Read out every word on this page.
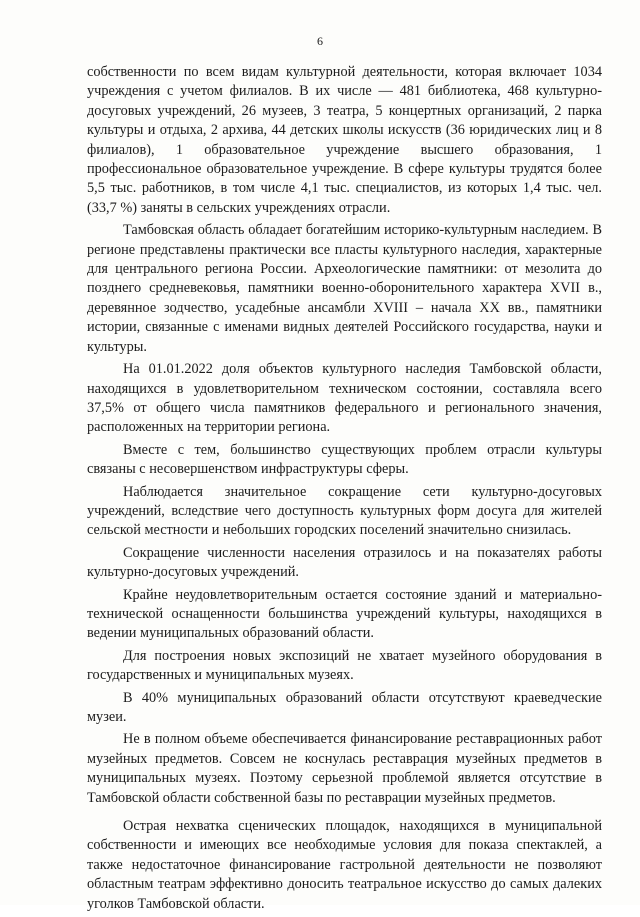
6

собственности по всем видам культурной деятельности, которая включает 1034 учреждения с учетом филиалов. В их числе — 481 библиотека, 468 культурно-досуговых учреждений, 26 музеев, 3 театра, 5 концертных организаций, 2 парка культуры и отдыха, 2 архива, 44 детских школы искусств (36 юридических лиц и 8 филиалов), 1 образовательное учреждение высшего образования, 1 профессиональное образовательное учреждение. В сфере культуры трудятся более 5,5 тыс. работников, в том числе 4,1 тыс. специалистов, из которых 1,4 тыс. чел. (33,7 %) заняты в сельских учреждениях отрасли.

Тамбовская область обладает богатейшим историко-культурным наследием. В регионе представлены практически все пласты культурного наследия, характерные для центрального региона России. Археологические памятники: от мезолита до позднего средневековья, памятники военно-оборонительного характера XVII в., деревянное зодчество, усадебные ансамбли XVIII – начала XX вв., памятники истории, связанные с именами видных деятелей Российского государства, науки и культуры.

На 01.01.2022 доля объектов культурного наследия Тамбовской области, находящихся в удовлетворительном техническом состоянии, составляла всего 37,5% от общего числа памятников федерального и регионального значения, расположенных на территории региона.

Вместе с тем, большинство существующих проблем отрасли культуры связаны с несовершенством инфраструктуры сферы.

Наблюдается значительное сокращение сети культурно-досуговых учреждений, вследствие чего доступность культурных форм досуга для жителей сельской местности и небольших городских поселений значительно снизилась.

Сокращение численности населения отразилось и на показателях работы культурно-досуговых учреждений.

Крайне неудовлетворительным остается состояние зданий и материально-технической оснащенности большинства учреждений культуры, находящихся в ведении муниципальных образований области.

Для построения новых экспозиций не хватает музейного оборудования в государственных и муниципальных музеях.

В 40% муниципальных образований области отсутствуют краеведческие музеи.

Не в полном объеме обеспечивается финансирование реставрационных работ музейных предметов. Совсем не коснулась реставрация музейных предметов в муниципальных музеях. Поэтому серьезной проблемой является отсутствие в Тамбовской области собственной базы по реставрации музейных предметов.

Острая нехватка сценических площадок, находящихся в муниципальной собственности и имеющих все необходимые условия для показа спектаклей, а также недостаточное финансирование гастрольной деятельности не позволяют областным театрам эффективно доносить театральное искусство до самых далеких уголков Тамбовской области.
